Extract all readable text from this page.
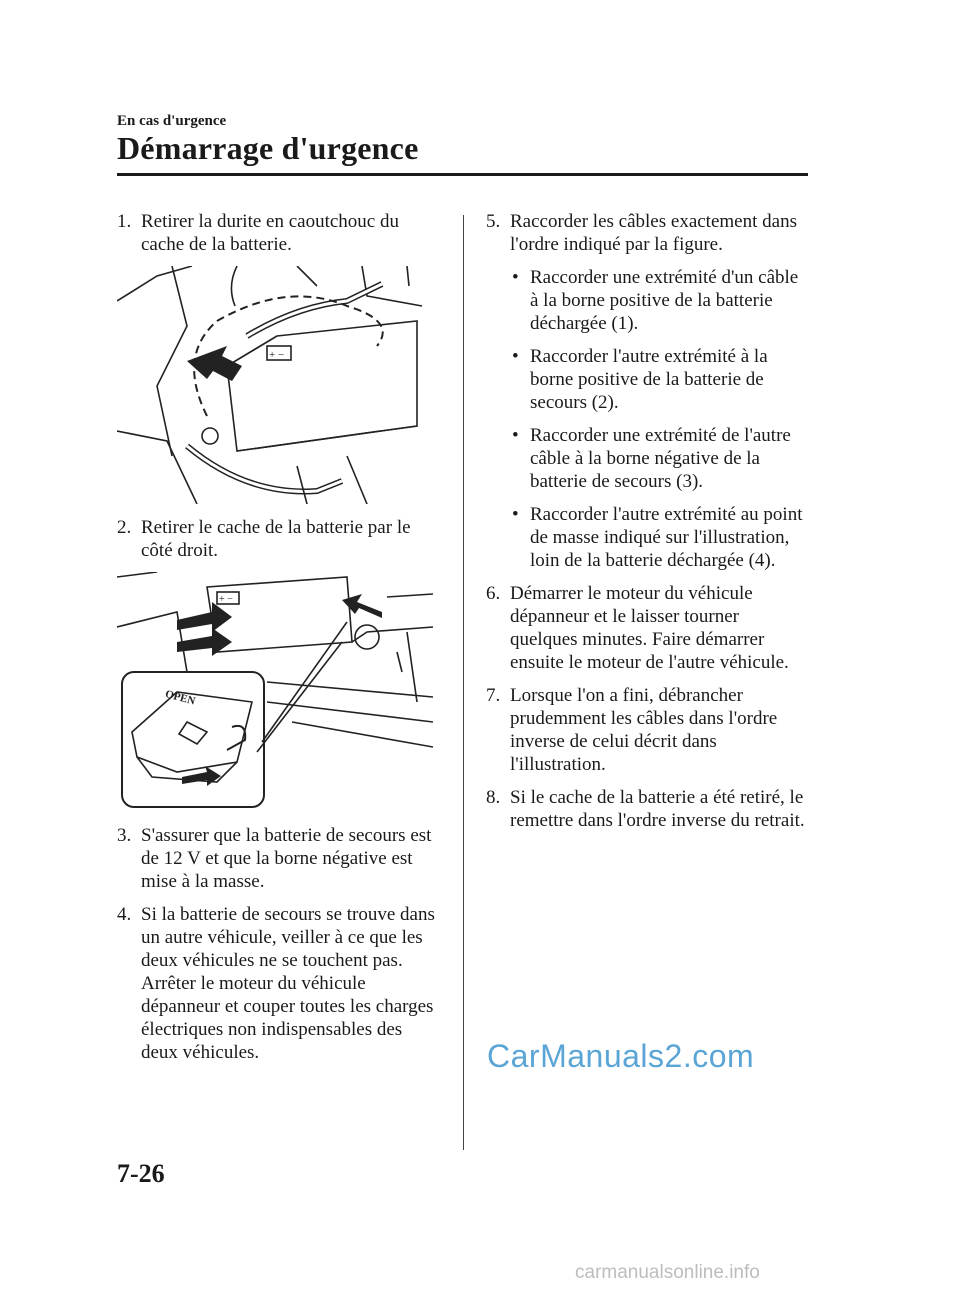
En cas d'urgence
Démarrage d'urgence
1. Retirer la durite en caoutchouc du cache de la batterie.
+ −
2. Retirer le cache de la batterie par le côté droit.
+ −
OPEN
3. S'assurer que la batterie de secours est de 12 V et que la borne négative est mise à la masse.
4. Si la batterie de secours se trouve dans un autre véhicule, veiller à ce que les deux véhicules ne se touchent pas. Arrêter le moteur du véhicule dépanneur et couper toutes les charges électriques non indispensables des deux véhicules.
5. Raccorder les câbles exactement dans l'ordre indiqué par la figure.
• Raccorder une extrémité d'un câble à la borne positive de la batterie déchargée (1).
• Raccorder l'autre extrémité à la borne positive de la batterie de secours (2).
• Raccorder une extrémité de l'autre câble à la borne négative de la batterie de secours (3).
• Raccorder l'autre extrémité au point de masse indiqué sur l'illustration, loin de la batterie déchargée (4).
6. Démarrer le moteur du véhicule dépanneur et le laisser tourner quelques minutes. Faire démarrer ensuite le moteur de l'autre véhicule.
7. Lorsque l'on a fini, débrancher prudemment les câbles dans l'ordre inverse de celui décrit dans l'illustration.
8. Si le cache de la batterie a été retiré, le remettre dans l'ordre inverse du retrait.
CarManuals2.com
7-26
carmanualsonline.info
